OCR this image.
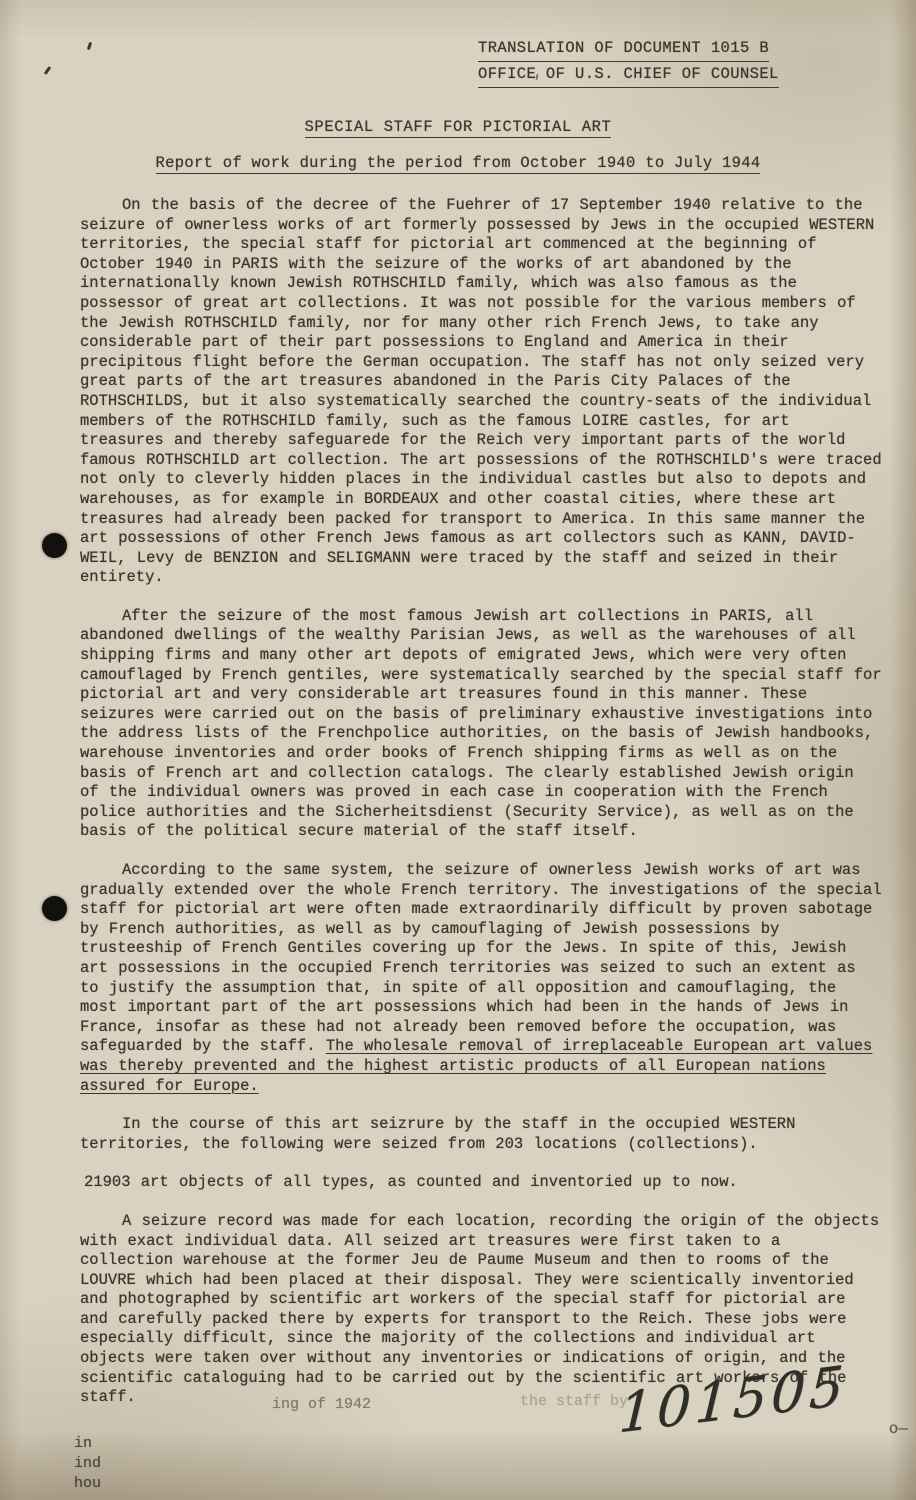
TRANSLATION OF DOCUMENT 1015 B
OFFICE OF U.S. CHIEF OF COUNSEL
SPECIAL STAFF FOR PICTORIAL ART
Report of work during the period from October 1940 to July 1944

On the basis of the decree of the Fuehrer of 17 September 1940 relative to the seizure of ownerless works of art formerly possessed by Jews in the occupied WESTERN territories, the special staff for pictorial art commenced at the beginning of October 1940 in PARIS with the seizure of the works of art abandoned by the internationally known Jewish ROTHSCHILD family, which was also famous as the possessor of great art collections. It was not possible for the various members of the Jewish ROTHSCHILD family, nor for many other rich French Jews, to take any considerable part of their part possessions to England and America in their precipitous flight before the German occupation. The staff has not only seized very great parts of the art treasures abandoned in the Paris City Palaces of the ROTHSCHILDS, but it also systematically searched the country-seats of the individual members of the ROTHSCHILD family, such as the famous LOIRE castles, for art treasures and thereby safeguarede for the Reich very important parts of the world famous ROTHSCHILD art collection. The art possessions of the ROTHSCHILD's were traced not only to cleverly hidden places in the individual castles but also to depots and warehouses, as for example in BORDEAUX and other coastal cities, where these art treasures had already been packed for transport to America. In this same manner the art possessions of other French Jews famous as art collectors such as KANN, DAVID-WEIL, Levy de BENZION and SELIGMANN were traced by the staff and seized in their entirety.

After the seizure of the most famous Jewish art collections in PARIS, all abandoned dwellings of the wealthy Parisian Jews, as well as the warehouses of all shipping firms and many other art depots of emigrated Jews, which were very often camouflaged by French gentiles, were systematically searched by the special staff for pictorial art and very considerable art treasures found in this manner. These seizures were carried out on the basis of preliminary exhaustive investigations into the address lists of the Frenchpolice authorities, on the basis of Jewish handbooks, warehouse inventories and order books of French shipping firms as well as on the basis of French art and collection catalogs. The clearly established Jewish origin of the individual owners was proved in each case in cooperation with the French police authorities and the Sicherheitsdienst (Security Service), as well as on the basis of the political secure material of the staff itself.

According to the same system, the seizure of ownerless Jewish works of art was gradually extended over the whole French territory. The investigations of the special staff for pictorial art were often made extraordinarily difficult by proven sabotage by French authorities, as well as by camouflaging of Jewish possessions by trusteeship of French Gentiles covering up for the Jews. In spite of this, Jewish art possessions in the occupied French territories was seized to such an extent as to justify the assumption that, in spite of all opposition and camouflaging, the most important part of the art possessions which had been in the hands of Jews in France, insofar as these had not already been removed before the occupation, was safeguarded by the staff. The wholesale removal of irreplaceable European art values was thereby prevented and the highest artistic products of all European nations assured for Europe.

In the course of this art seizrure by the staff in the occupied WESTERN territories, the following were seized from 203 locations (collections).

21903 art objects of all types, as counted and inventoried up to now.

A seizure record was made for each location, recording the origin of the objects with exact individual data. All seized art treasures were first taken to a collection warehouse at the former Jeu de Paume Museum and then to rooms of the LOUVRE which had been placed at their disposal. They were scientically inventoried and photographed by scientific art workers of the special staff for pictorial are and carefully packed there by experts for transport to the Reich. These jobs were especially difficult, since the majority of the collections and individual art objects were taken over without any inventories or indications of origin, and the scientific cataloguing had to be carried out by the scientific art workers of the staff.	ing of 1942	the staff by
101505
in
ind
hou
o—
